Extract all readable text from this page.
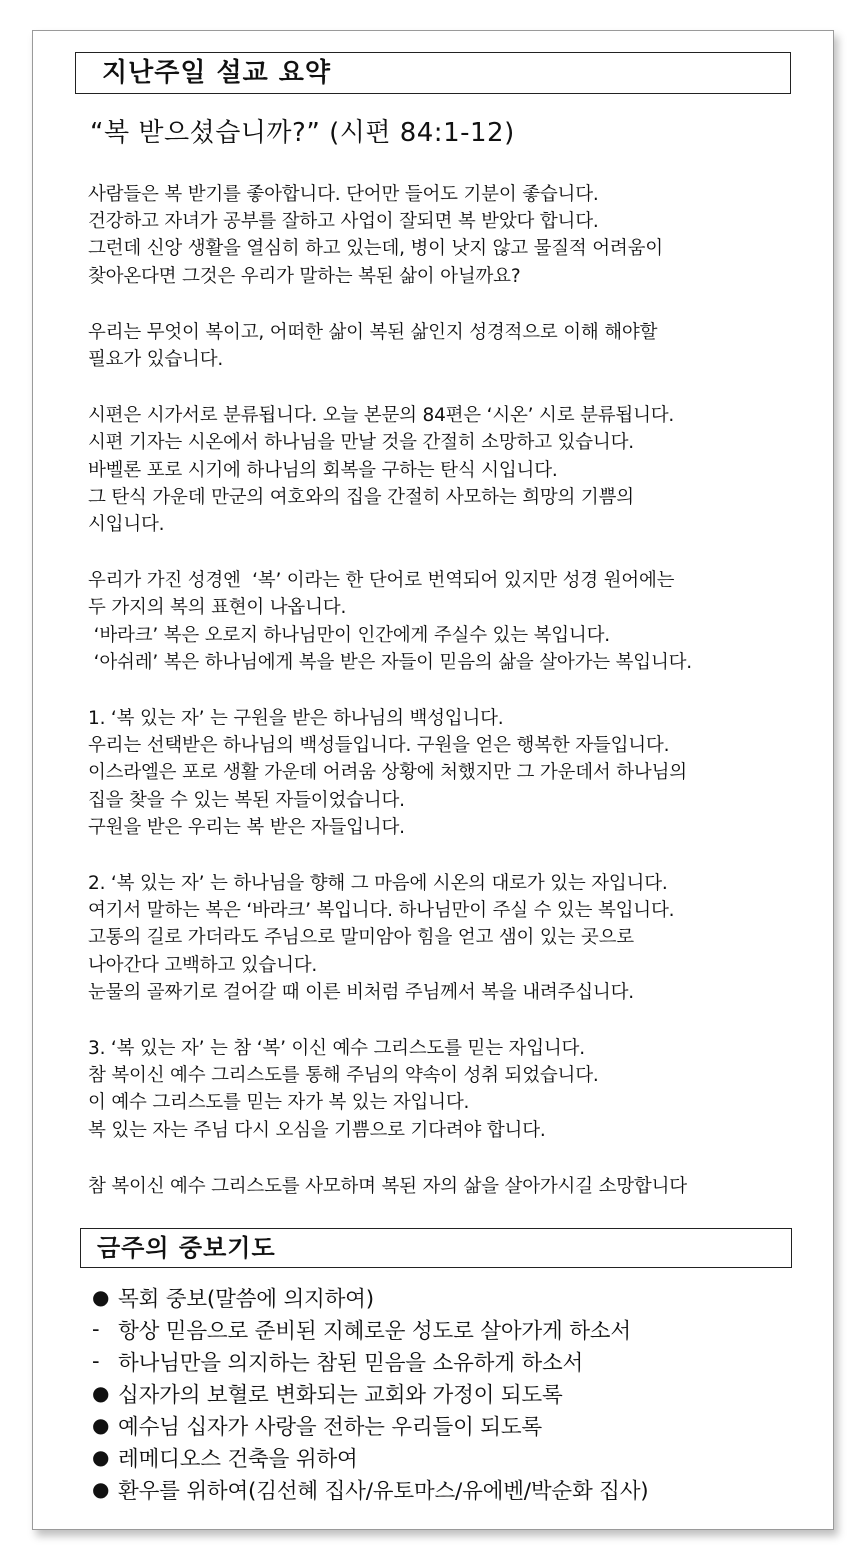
지난주일 설교 요약
“복 받으셨습니까?” (시편 84:1-12)
사람들은 복 받기를 좋아합니다. 단어만 들어도 기분이 좋습니다.
건강하고 자녀가 공부를 잘하고 사업이 잘되면 복 받았다 합니다.
그런데 신앙 생활을 열심히 하고 있는데, 병이 낫지 않고 물질적 어려움이
찾아온다면 그것은 우리가 말하는 복된 삶이 아닐까요?
우리는 무엇이 복이고, 어떠한 삶이 복된 삶인지 성경적으로 이해 해야할
필요가 있습니다.
시편은 시가서로 분류됩니다. 오늘 본문의 84편은 ‘시온’ 시로 분류됩니다.
시편 기자는 시온에서 하나님을 만날 것을 간절히 소망하고 있습니다.
바벨론 포로 시기에 하나님의 회복을 구하는 탄식 시입니다.
그 탄식 가운데 만군의 여호와의 집을 간절히 사모하는 희망의 기쁨의
시입니다.
우리가 가진 성경엔  ‘복’ 이라는 한 단어로 번역되어 있지만 성경 원어에는
두 가지의 복의 표현이 나옵니다.
‘바라크’ 복은 오로지 하나님만이 인간에게 주실수 있는 복입니다.
‘아쉬레’ 복은 하나님에게 복을 받은 자들이 믿음의 삶을 살아가는 복입니다.
1. ‘복 있는 자’ 는 구원을 받은 하나님의 백성입니다.
우리는 선택받은 하나님의 백성들입니다. 구원을 얻은 행복한 자들입니다.
이스라엘은 포로 생활 가운데 어려움 상황에 처했지만 그 가운데서 하나님의
집을 찾을 수 있는 복된 자들이었습니다.
구원을 받은 우리는 복 받은 자들입니다.
2. ‘복 있는 자’ 는 하나님을 향해 그 마음에 시온의 대로가 있는 자입니다.
여기서 말하는 복은 ‘바라크’ 복입니다. 하나님만이 주실 수 있는 복입니다.
고통의 길로 가더라도 주님으로 말미암아 힘을 얻고 샘이 있는 곳으로
나아간다 고백하고 있습니다.
눈물의 골짜기로 걸어갈 때 이른 비처럼 주님께서 복을 내려주십니다.
3. ‘복 있는 자’ 는 참 ‘복’ 이신 예수 그리스도를 믿는 자입니다.
참 복이신 예수 그리스도를 통해 주님의 약속이 성취 되었습니다.
이 예수 그리스도를 믿는 자가 복 있는 자입니다.
복 있는 자는 주님 다시 오심을 기쁨으로 기다려야 합니다.
참 복이신 예수 그리스도를 사모하며 복된 자의 삶을 살아가시길 소망합니다
금주의 중보기도
● 목회 중보(말씀에 의지하여)
- 항상 믿음으로 준비된 지혜로운 성도로 살아가게 하소서
- 하나님만을 의지하는 참된 믿음을 소유하게 하소서
● 십자가의 보혈로 변화되는 교회와 가정이 되도록
● 예수님 십자가 사랑을 전하는 우리들이 되도록
● 레메디오스 건축을 위하여
● 환우를 위하여(김선혜 집사/유토마스/유에벤/박순화 집사)
